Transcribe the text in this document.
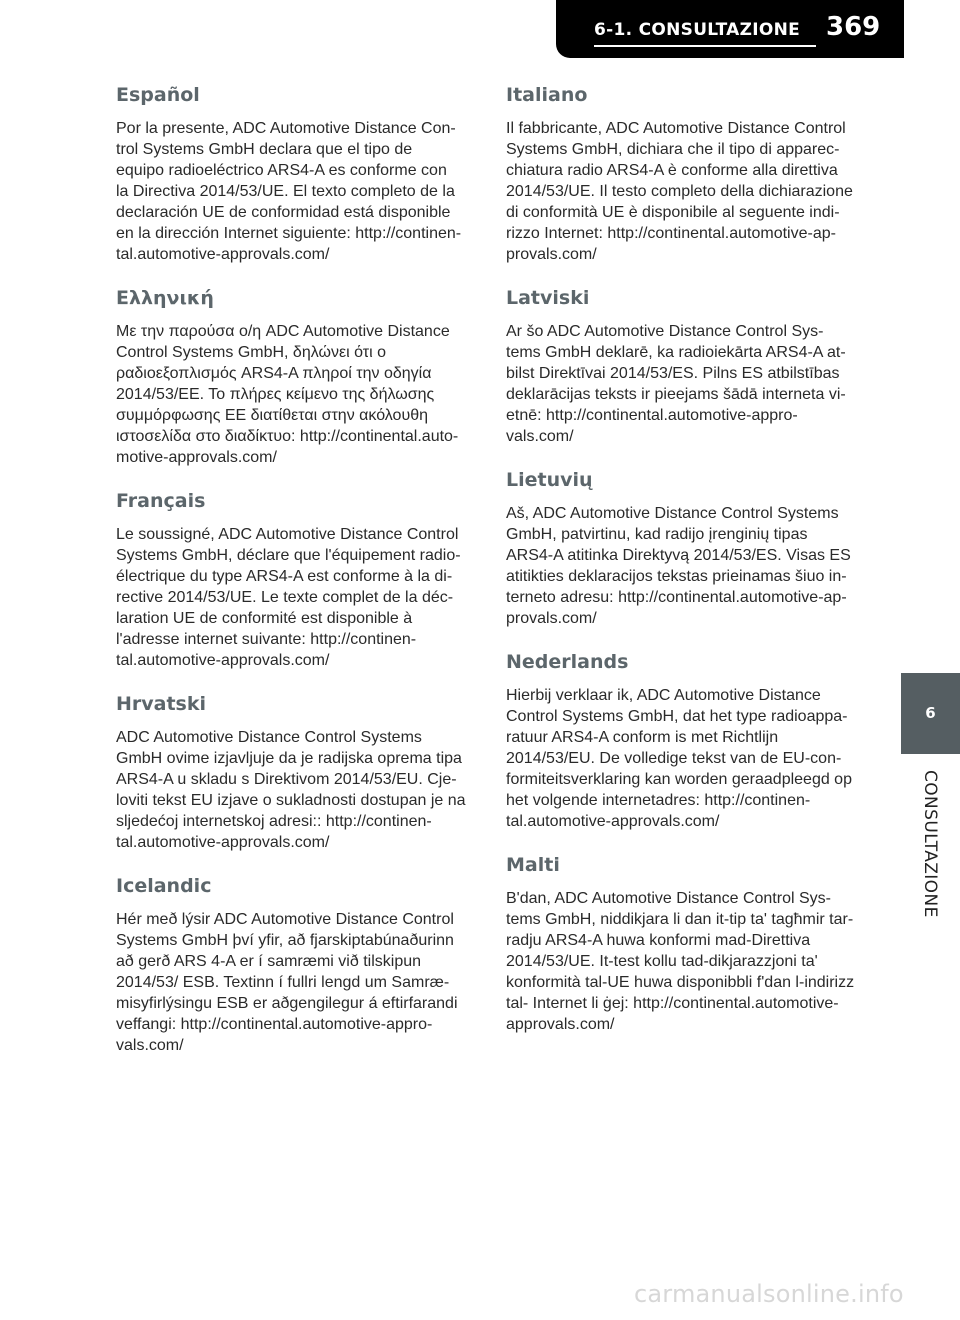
6-1. CONSULTAZIONE 369
6
CONSULTAZIONE
Español

Por la presente, ADC Automotive Distance Con-
trol Systems GmbH declara que el tipo de
equipo radioeléctrico ARS4-A es conforme con
la Directiva 2014/53/UE. El texto completo de la
declaración UE de conformidad está disponible
en la dirección Internet siguiente: http://continen-
tal.automotive-approvals.com/

Ελληνική

Με την παρούσα ο/η ADC Automotive Distance
Control Systems GmbH, δηλώνει ότι ο
ραδιοεξοπλισμός ARS4-A πληροί την οδηγία
2014/53/ΕΕ. Το πλήρες κείμενο της δήλωσης
συμμόρφωσης ΕΕ διατίθεται στην ακόλουθη
ιστοσελίδα στο διαδίκτυο: http://continental.auto-
motive-approvals.com/

Français

Le soussigné, ADC Automotive Distance Control
Systems GmbH, déclare que l'équipement radio-
électrique du type ARS4-A est conforme à la di-
rective 2014/53/UE. Le texte complet de la déc-
laration UE de conformité est disponible à
l'adresse internet suivante: http://continen-
tal.automotive-approvals.com/

Hrvatski

ADC Automotive Distance Control Systems
GmbH ovime izjavljuje da je radijska oprema tipa
ARS4-A u skladu s Direktivom 2014/53/EU. Cje-
loviti tekst EU izjave o sukladnosti dostupan je na
sljedećoj internetskoj adresi:: http://continen-
tal.automotive-approvals.com/

Icelandic

Hér með lýsir ADC Automotive Distance Control
Systems GmbH því yfir, að fjarskiptabúnaðurinn
að gerð ARS 4-A er í samræmi við tilskipun
2014/53/ ESB. Textinn í fullri lengd um Samræ-
misyfirlýsingu ESB er aðgengilegur á eftirfarandi
veffangi: http://continental.automotive-appro-
vals.com/

Italiano

Il fabbricante, ADC Automotive Distance Control
Systems GmbH, dichiara che il tipo di apparec-
chiatura radio ARS4-A è conforme alla direttiva
2014/53/UE. Il testo completo della dichiarazione
di conformità UE è disponibile al seguente indi-
rizzo Internet: http://continental.automotive-ap-
provals.com/

Latviski

Ar šo ADC Automotive Distance Control Sys-
tems GmbH deklarē, ka radioiekārta ARS4-A at-
bilst Direktīvai 2014/53/ES. Pilns ES atbilstības
deklarācijas teksts ir pieejams šādā interneta vi-
etnē: http://continental.automotive-appro-
vals.com/

Lietuvių

Aš, ADC Automotive Distance Control Systems
GmbH, patvirtinu, kad radijo įrenginių tipas
ARS4-A atitinka Direktyvą 2014/53/ES. Visas ES
atitikties deklaracijos tekstas prieinamas šiuo in-
terneto adresu: http://continental.automotive-ap-
provals.com/

Nederlands

Hierbij verklaar ik, ADC Automotive Distance
Control Systems GmbH, dat het type radioappa-
ratuur ARS4-A conform is met Richtlijn
2014/53/EU. De volledige tekst van de EU-con-
formiteitsverklaring kan worden geraadpleegd op
het volgende internetadres: http://continen-
tal.automotive-approvals.com/

Malti

B'dan, ADC Automotive Distance Control Sys-
tems GmbH, niddikjara li dan it-tip ta' tagħmir tar-
radju ARS4-A huwa konformi mad-Direttiva
2014/53/UE. It-test kollu tad-dikjarazzjoni ta'
konformità tal-UE huwa disponibbli f'dan l-indirizz
tal- Internet li ġej: http://continental.automotive-
approvals.com/

carmanualsonline.info
